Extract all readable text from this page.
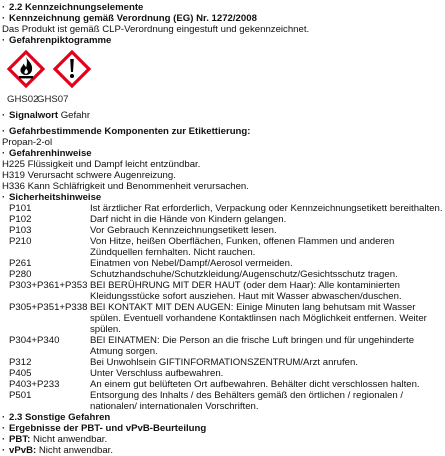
· 2.2 Kennzeichnungselemente
· Kennzeichnung gemäß Verordnung (EG) Nr. 1272/2008
Das Produkt ist gemäß CLP-Verordnung eingestuft und gekennzeichnet.
· Gefahrenpiktogramme
GHS02
GHS07
· Signalwort Gefahr
· Gefahrbestimmende Komponenten zur Etikettierung:
Propan-2-ol
· Gefahrenhinweise
H225 Flüssigkeit und Dampf leicht entzündbar.
H319 Verursacht schwere Augenreizung.
H336 Kann Schläfrigkeit und Benommenheit verursachen.
· Sicherheitshinweise
P101	Ist ärztlicher Rat erforderlich, Verpackung oder Kennzeichnungsetikett bereithalten.
P102	Darf nicht in die Hände von Kindern gelangen.
P103	Vor Gebrauch Kennzeichnungsetikett lesen.
P210	Von Hitze, heißen Oberflächen, Funken, offenen Flammen und anderen
Zündquellen fernhalten. Nicht rauchen.
P261	Einatmen von Nebel/Dampf/Aerosol vermeiden.
P280	Schutzhandschuhe/Schutzkleidung/Augenschutz/Gesichtsschutz tragen.
P303+P361+P353 BEI BERÜHRUNG MIT DER HAUT (oder dem Haar): Alle kontaminierten
Kleidungsstücke sofort ausziehen. Haut mit Wasser abwaschen/duschen.
P305+P351+P338 BEI KONTAKT MIT DEN AUGEN: Einige Minuten lang behutsam mit Wasser
spülen. Eventuell vorhandene Kontaktlinsen nach Möglichkeit entfernen. Weiter
spülen.
P304+P340	BEI EINATMEN: Die Person an die frische Luft bringen und für ungehinderte
Atmung sorgen.
P312	Bei Unwohlsein GIFTINFORMATIONSZENTRUM/Arzt anrufen.
P405	Unter Verschluss aufbewahren.
P403+P233	An einem gut belüfteten Ort aufbewahren. Behälter dicht verschlossen halten.
P501	Entsorgung des Inhalts / des Behälters gemäß den örtlichen / regionalen /
nationalen/ internationalen Vorschriften.
· 2.3 Sonstige Gefahren
· Ergebnisse der PBT- und vPvB-Beurteilung
· PBT: Nicht anwendbar.
· vPvB: Nicht anwendbar.
